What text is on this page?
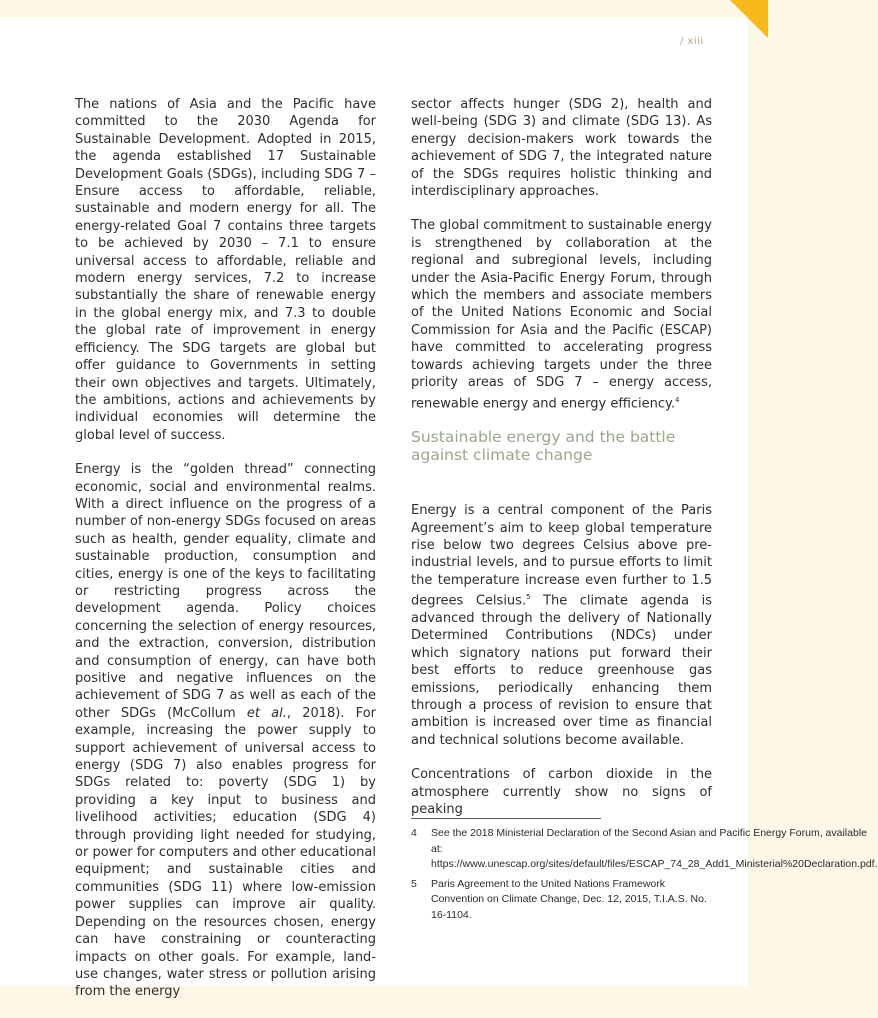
/ xiii

The nations of Asia and the Pacific have committed to the 2030 Agenda for Sustainable Development. Adopted in 2015, the agenda established 17 Sustainable Development Goals (SDGs), including SDG 7 – Ensure access to affordable, reliable, sustainable and modern energy for all. The energy-related Goal 7 contains three targets to be achieved by 2030 – 7.1 to ensure universal access to affordable, reliable and modern energy services, 7.2 to increase substantially the share of renewable energy in the global energy mix, and 7.3 to double the global rate of improvement in energy efficiency. The SDG targets are global but offer guidance to Governments in setting their own objectives and targets. Ultimately, the ambitions, actions and achievements by individual economies will determine the global level of success.

Energy is the “golden thread” connecting economic, social and environmental realms. With a direct influence on the progress of a number of non-energy SDGs focused on areas such as health, gender equality, climate and sustainable production, consumption and cities, energy is one of the keys to facilitating or restricting progress across the development agenda. Policy choices concerning the selection of energy resources, and the extraction, conversion, distribution and consumption of energy, can have both positive and negative influences on the achievement of SDG 7 as well as each of the other SDGs (McCollum et al., 2018). For example, increasing the power supply to support achievement of universal access to energy (SDG 7) also enables progress for SDGs related to: poverty (SDG 1) by providing a key input to business and livelihood activities; education (SDG 4) through providing light needed for studying, or power for computers and other educational equipment; and sustainable cities and communities (SDG 11) where low-emission power supplies can improve air quality. Depending on the resources chosen, energy can have constraining or counteracting impacts on other goals. For example, land-use changes, water stress or pollution arising from the energy

sector affects hunger (SDG 2), health and well-being (SDG 3) and climate (SDG 13). As energy decision-makers work towards the achievement of SDG 7, the integrated nature of the SDGs requires holistic thinking and interdisciplinary approaches.

The global commitment to sustainable energy is strengthened by collaboration at the regional and subregional levels, including under the Asia-Pacific Energy Forum, through which the members and associate members of the United Nations Economic and Social Commission for Asia and the Pacific (ESCAP) have committed to accelerating progress towards achieving targets under the three priority areas of SDG 7 – energy access, renewable energy and energy efficiency.$^4$

Sustainable energy and the battle against climate change

Energy is a central component of the Paris Agreement’s aim to keep global temperature rise below two degrees Celsius above pre-industrial levels, and to pursue efforts to limit the temperature increase even further to 1.5 degrees Celsius.$^5$ The climate agenda is advanced through the delivery of Nationally Determined Contributions (NDCs) under which signatory nations put forward their best efforts to reduce greenhouse gas emissions, periodically enhancing them through a process of revision to ensure that ambition is increased over time as financial and technical solutions become available.

Concentrations of carbon dioxide in the atmosphere currently show no signs of peaking

4	See the 2018 Ministerial Declaration of the Second Asian and Pacific Energy Forum, available at: https://www.unescap.org/sites/default/files/ESCAP_74_28_Add1_Ministerial%20Declaration.pdf.
5	Paris Agreement to the United Nations Framework Convention on Climate Change, Dec. 12, 2015, T.I.A.S. No. 16-1104.
